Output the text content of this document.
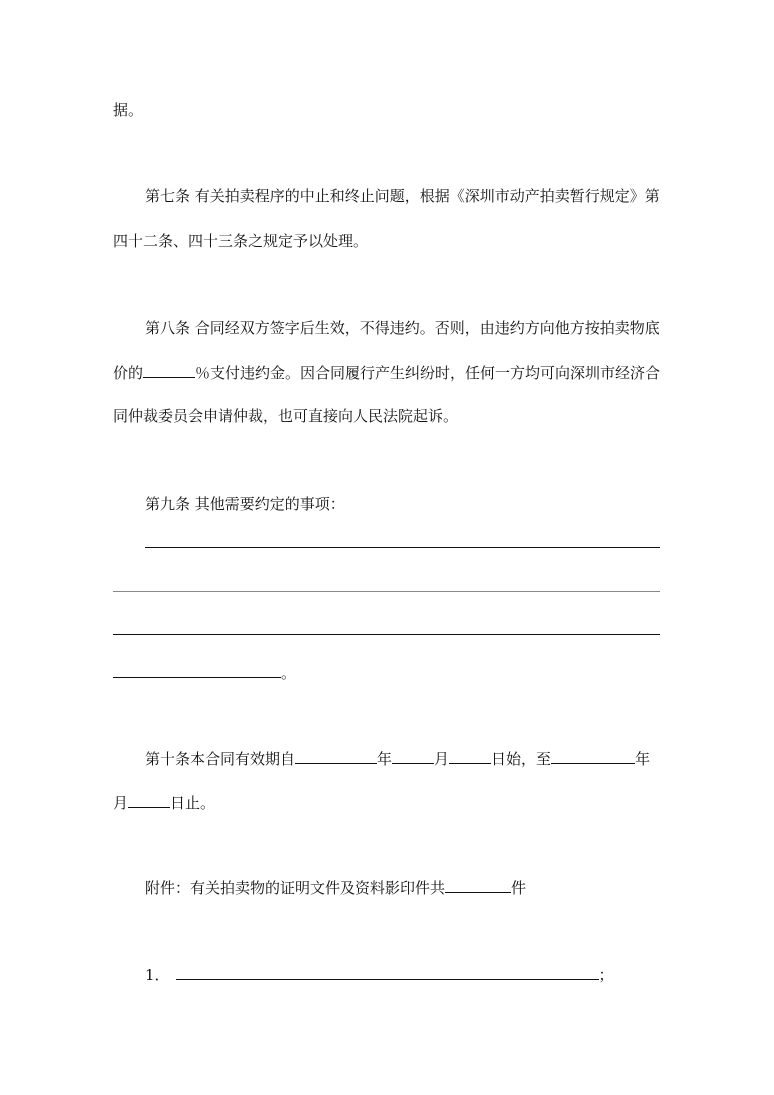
据。
第七条 有关拍卖程序的中止和终止问题，根据《深圳市动产拍卖暂行规定》第
四十二条、四十三条之规定予以处理。
第八条 合同经双方签字后生效，不得违约。否则，由违约方向他方按拍卖物底
价的	％支付违约金。因合同履行产生纠纷时，任何一方均可向深圳市经济合
同仲裁委员会申请仲裁，也可直接向人民法院起诉。
第九条 其他需要约定的事项：
。
第十条本合同有效期自	年	月	日始，至	年
月	日止。
附件：有关拍卖物的证明文件及资料影印件共	件
1．	；
